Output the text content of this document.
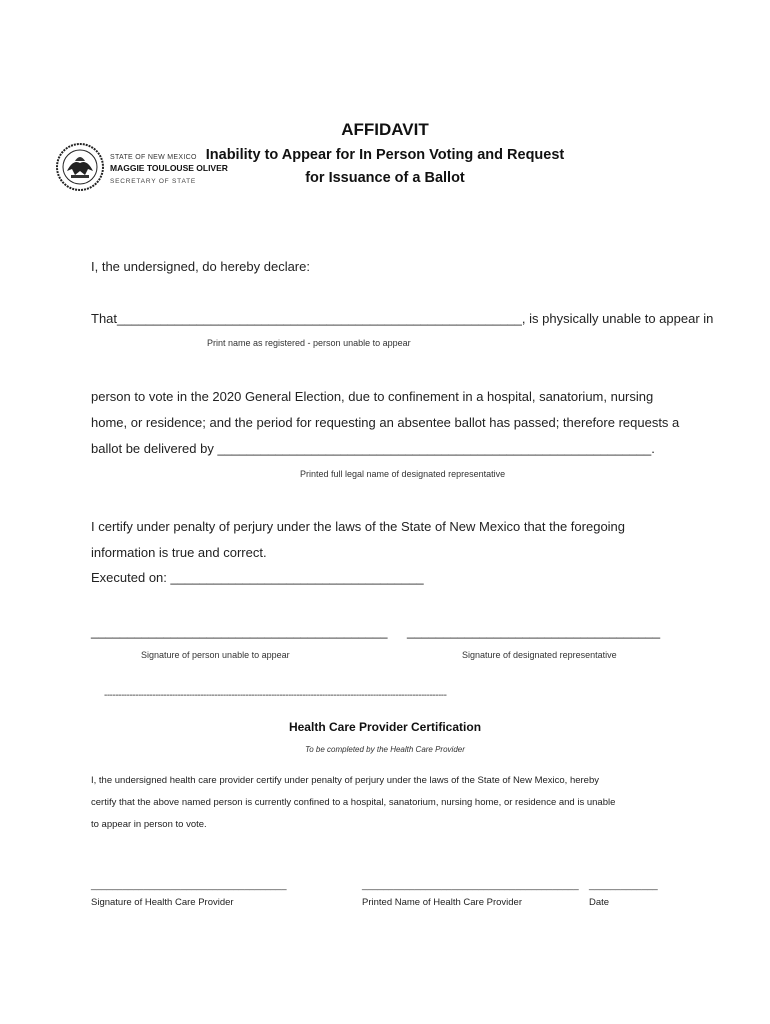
STATE OF NEW MEXICO
MAGGIE TOULOUSE OLIVER
SECRETARY OF STATE
AFFIDAVIT
Inability to Appear for In Person Voting and Request
for Issuance of a Ballot
I, the undersigned, do hereby declare:
That________________________________________________________, is physically unable to appear in
Print name as registered - person unable to appear
person to vote in the 2020 General Election, due to confinement in a hospital, sanatorium, nursing
home, or residence; and the period for requesting an absentee ballot has passed; therefore requests a
ballot be delivered by ____________________________________________________________.
Printed full legal name of designated representative
I certify under penalty of perjury under the laws of the State of New Mexico that the foregoing
information is true and correct.
Executed on: ___________________________________
_________________________________________ ___________________________________
Signature of person unable to appear	Signature of designated representative
-------------------------------------------------------------------------------------------------------------------------
Health Care Provider Certification
To be completed by the Health Care Provider
I, the undersigned health care provider certify under penalty of perjury under the laws of the State of New Mexico, hereby
certify that the above named person is currently confined to a hospital, sanatorium, nursing home, or residence and is unable
to appear in person to vote.
_____________________________________	_________________________________________ _____________
Signature of Health Care Provider	Printed Name of Health Care Provider	Date
